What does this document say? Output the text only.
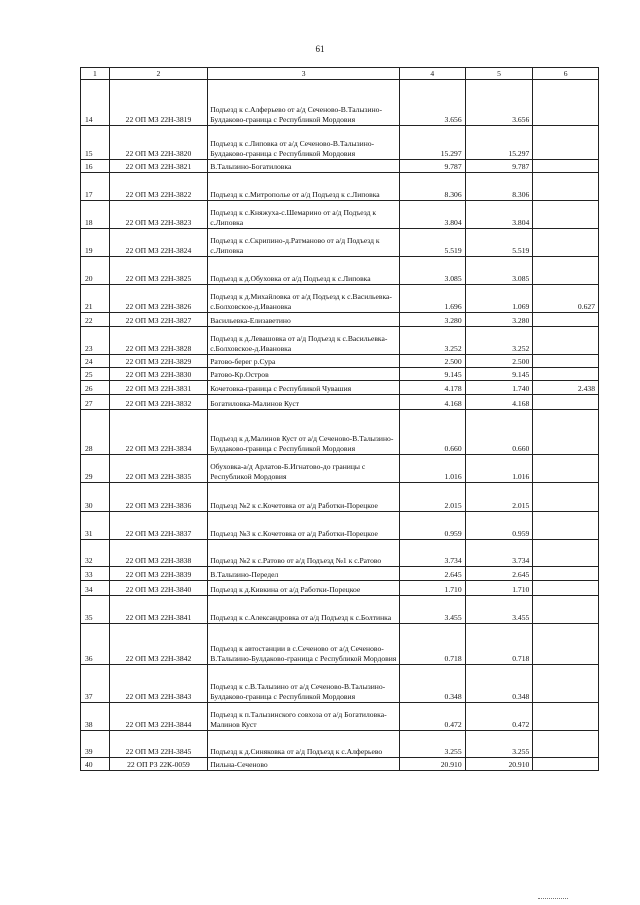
61
1	2	3	4	5	6
14	22 ОП МЗ 22Н-3819	Подъезд к с.Алферьево от а/д Сеченово-В.Талызино-Булдаково-граница с Республикой Мордовия	3.656	3.656	
15	22 ОП МЗ 22Н-3820	Подъезд к с.Липовка от а/д Сеченово-В.Талызино-Булдаково-граница с Республикой Мордовия	15.297	15.297	
16	22 ОП МЗ 22Н-3821	В.Талызино-Богатиловка	9.787	9.787	
17	22 ОП МЗ 22Н-3822	Подъезд к с.Митрополье от а/д Подъезд к с.Липовка	8.306	8.306	
18	22 ОП МЗ 22Н-3823	Подъезд к с.Княжуха-с.Шемарино от а/д Подъезд к с.Липовка	3.804	3.804	
19	22 ОП МЗ 22Н-3824	Подъезд к с.Скрипино-д.Ратманово от а/д Подъезд к с.Липовка	5.519	5.519	
20	22 ОП МЗ 22Н-3825	Подъезд к д.Обуховка от а/д Подъезд к с.Липовка	3.085	3.085	
21	22 ОП МЗ 22Н-3826	Подъезд к д.Михайловка от а/д Подъезд к с.Васильевка-с.Болховское-д.Ивановка	1.696	1.069	0.627
22	22 ОП МЗ 22Н-3827	Васильевка-Елизаветино	3.280	3.280	
23	22 ОП МЗ 22Н-3828	Подъезд к д.Левашовка от а/д Подъезд к с.Васильевка-с.Болховское-д.Ивановка	3.252	3.252	
24	22 ОП МЗ 22Н-3829	Ратово-берег р.Сура	2.500	2.500	
25	22 ОП МЗ 22Н-3830	Ратово-Кр.Остров	9.145	9.145	
26	22 ОП МЗ 22Н-3831	Кочетовка-граница с Республикой Чувашия	4.178	1.740	2.438
27	22 ОП МЗ 22Н-3832	Богатиловка-Малинов Куст	4.168	4.168	
28	22 ОП МЗ 22Н-3834	Подъезд к д.Малинов Куст от а/д Сеченово-В.Талызино-Булдаково-граница с Республикой Мордовия	0.660	0.660	
29	22 ОП МЗ 22Н-3835	Обуховка-а/д Арлатов-Б.Игнатово-до границы с Республикой Мордовия	1.016	1.016	
30	22 ОП МЗ 22Н-3836	Подъезд №2 к с.Кочетовка от а/д Работки-Порецкое	2.015	2.015	
31	22 ОП МЗ 22Н-3837	Подъезд №3 к с.Кочетовка от а/д Работки-Порецкое	0.959	0.959	
32	22 ОП МЗ 22Н-3838	Подъезд №2 к с.Ратово от а/д Подъезд №1 к с.Ратово	3.734	3.734	
33	22 ОП МЗ 22Н-3839	В.Талызино-Передел	2.645	2.645	
34	22 ОП МЗ 22Н-3840	Подъезд к д.Кивкина от а/д Работки-Порецкое	1.710	1.710	
35	22 ОП МЗ 22Н-3841	Подъезд к с.Александровка от а/д Подъезд к с.Болтинка	3.455	3.455	
36	22 ОП МЗ 22Н-3842	Подъезд к автостанции в с.Сеченово от а/д Сеченово-В.Талызино-Булдаково-граница с Республикой Мордовия	0.718	0.718	
37	22 ОП МЗ 22Н-3843	Подъезд к с.В.Талызино от а/д Сеченово-В.Талызино-Булдаково-граница с Республикой Мордовия	0.348	0.348	
38	22 ОП МЗ 22Н-3844	Подъезд к п.Талызинского совхоза от а/д Богатиловка-Малинов Куст	0.472	0.472	
39	22 ОП МЗ 22Н-3845	Подъезд к д.Синяковка от а/д Подъезд к с.Алферьево	3.255	3.255	
40	22 ОП РЗ 22К-0059	Пильна-Сеченово	20.910	20.910	
